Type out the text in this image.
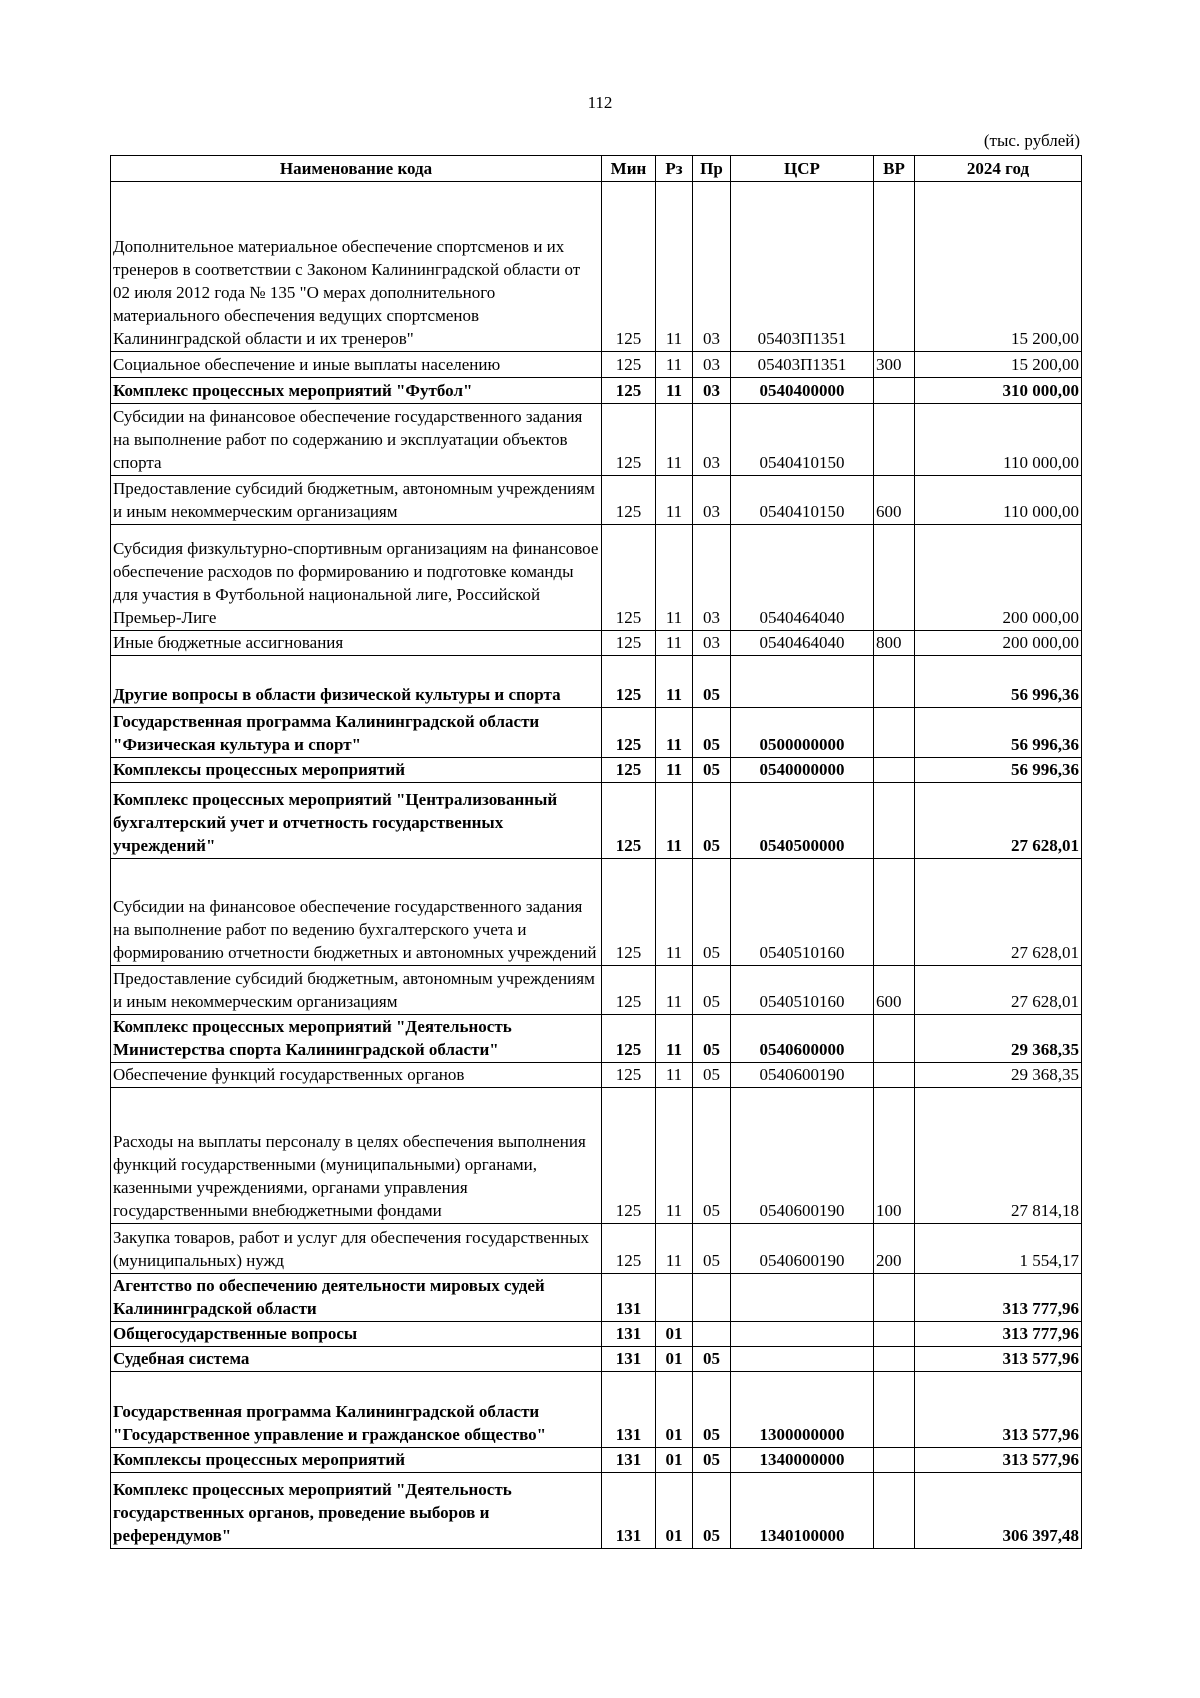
112
(тыс. рублей)
Наименование кода	Мин	Рз	Пр	ЦСР	ВР	2024 год
Дополнительное материальное обеспечение спортсменов и их тренеров в соответствии с Законом Калининградской области от 02 июля 2012 года № 135 "О мерах дополнительного материального обеспечения ведущих спортсменов Калининградской области и их тренеров"	125	11	03	05403П1351		15 200,00
Социальное обеспечение и иные выплаты населению	125	11	03	05403П1351	300	15 200,00
Комплекс процессных мероприятий "Футбол"	125	11	03	0540400000		310 000,00
Субсидии на финансовое обеспечение государственного задания на выполнение работ по содержанию и эксплуатации объектов спорта	125	11	03	0540410150		110 000,00
Предоставление субсидий бюджетным, автономным учреждениям и иным некоммерческим организациям	125	11	03	0540410150	600	110 000,00
Субсидия физкультурно-спортивным организациям на финансовое обеспечение расходов по формированию и подготовке команды для участия в Футбольной национальной лиге, Российской Премьер-Лиге	125	11	03	0540464040		200 000,00
Иные бюджетные ассигнования	125	11	03	0540464040	800	200 000,00
Другие вопросы в области физической культуры и спорта	125	11	05			56 996,36
Государственная программа Калининградской области "Физическая культура и спорт"	125	11	05	0500000000		56 996,36
Комплексы процессных мероприятий	125	11	05	0540000000		56 996,36
Комплекс процессных мероприятий "Централизованный бухгалтерский учет и отчетность государственных учреждений"	125	11	05	0540500000		27 628,01
Субсидии на финансовое обеспечение государственного задания на выполнение работ по ведению бухгалтерского учета и формированию отчетности бюджетных и автономных учреждений	125	11	05	0540510160		27 628,01
Предоставление субсидий бюджетным, автономным учреждениям и иным некоммерческим организациям	125	11	05	0540510160	600	27 628,01
Комплекс процессных мероприятий "Деятельность Министерства спорта Калининградской области"	125	11	05	0540600000		29 368,35
Обеспечение функций государственных органов	125	11	05	0540600190		29 368,35
Расходы на выплаты персоналу в целях обеспечения выполнения функций государственными (муниципальными) органами, казенными учреждениями, органами управления государственными внебюджетными фондами	125	11	05	0540600190	100	27 814,18
Закупка товаров, работ и услуг для обеспечения государственных (муниципальных) нужд	125	11	05	0540600190	200	1 554,17
Агентство по обеспечению деятельности мировых судей Калининградской области	131					313 777,96
Общегосударственные вопросы	131	01				313 777,96
Судебная система	131	01	05			313 577,96
Государственная программа Калининградской области "Государственное управление и гражданское общество"	131	01	05	1300000000		313 577,96
Комплексы процессных мероприятий	131	01	05	1340000000		313 577,96
Комплекс процессных мероприятий "Деятельность государственных органов, проведение выборов и референдумов"	131	01	05	1340100000		306 397,48
